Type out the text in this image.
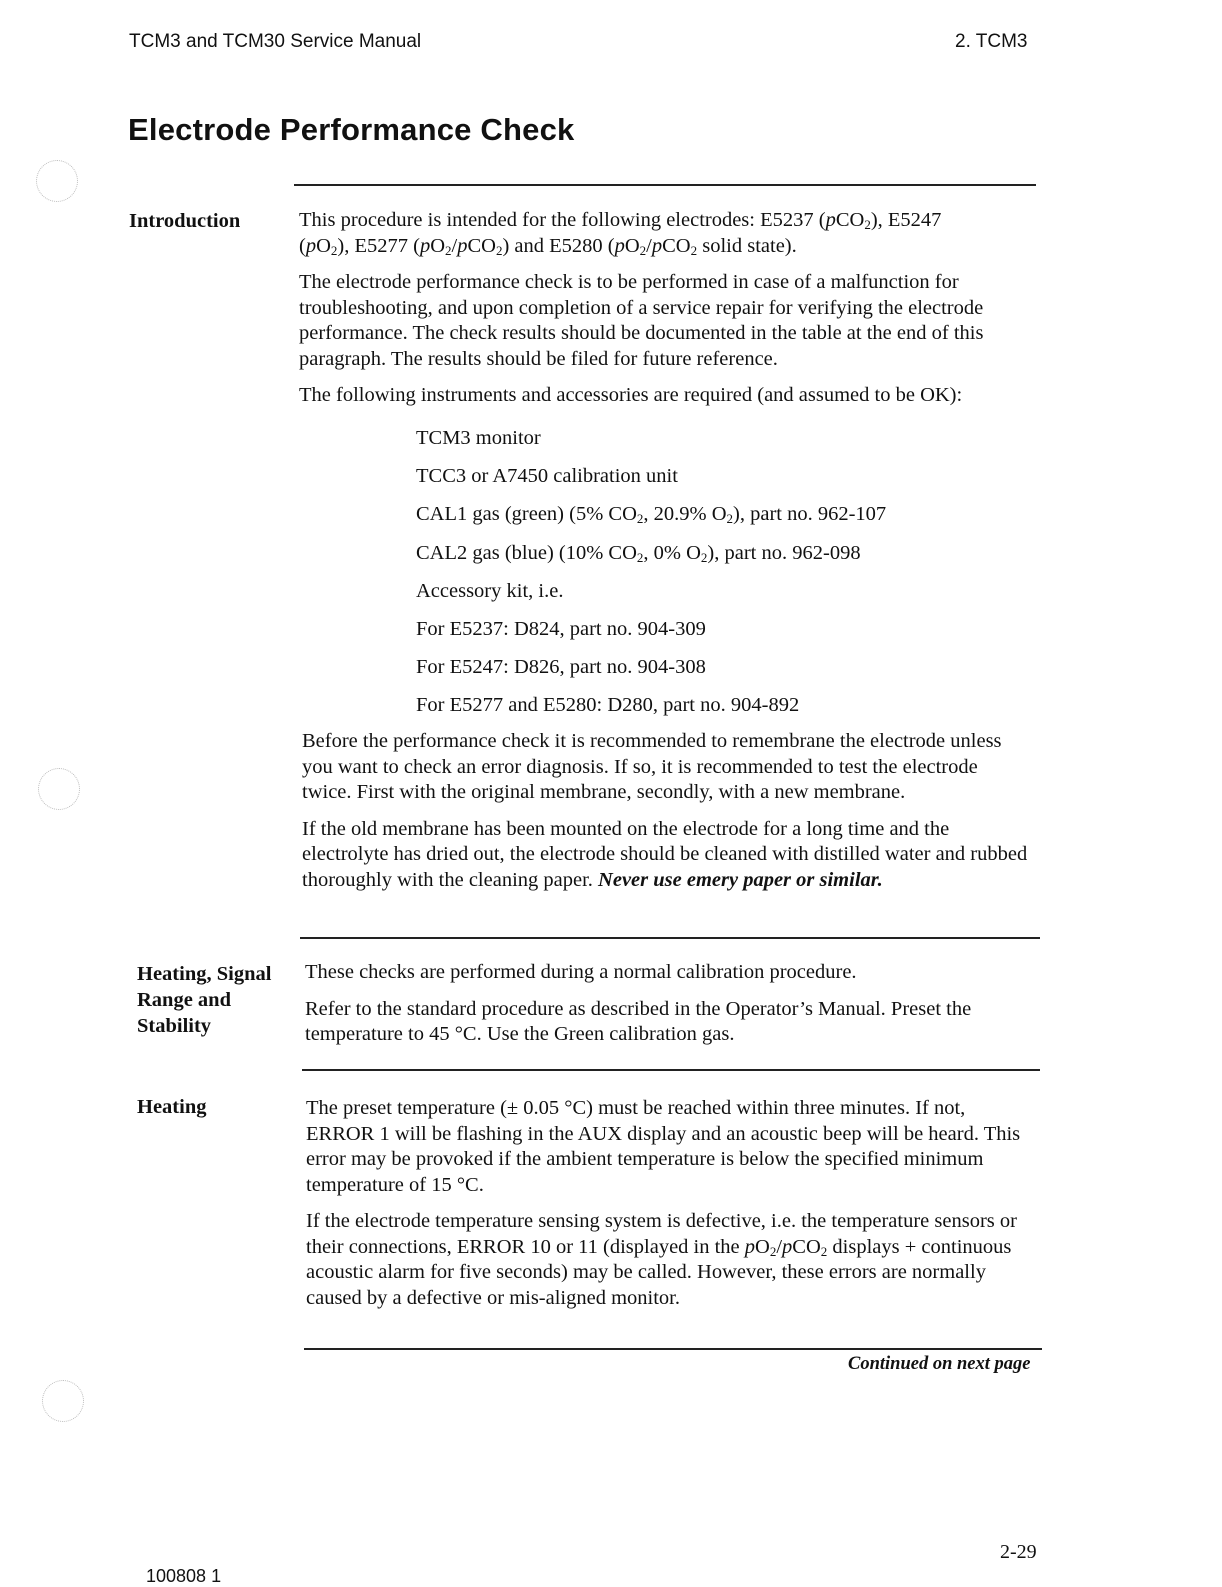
TCM3 and TCM30 Service Manual	2. TCM3
Electrode Performance Check
Introduction	This procedure is intended for the following electrodes: E5237 (pCO$_2$), E5247
$(pO_2)$, E5277 $(pO_2/pCO_2)$ and E5280 ($pO_2/pCO_2$ solid state).

The electrode performance check is to be performed in case of a malfunction for troubleshooting, and upon completion of a service repair for verifying the electrode performance. The check results should be documented in the table at the end of this paragraph. The results should be filed for future reference.

The following instruments and accessories are required (and assumed to be OK):

TCM3 monitor
TCC3 or A7450 calibration unit
CAL1 gas (green) (5% $CO_2$, 20.9% $O_2$), part no. 962-107
CAL2 gas (blue) (10% $CO_2$, 0% $O_2$), part no. 962-098
Accessory kit, i.e.
For E5237: D824, part no. 904-309
For E5247: D826, part no. 904-308
For E5277 and E5280: D280, part no. 904-892

Before the performance check it is recommended to remembrane the electrode unless you want to check an error diagnosis. If so, it is recommended to test the electrode twice. First with the original membrane, secondly, with a new membrane.

If the old membrane has been mounted on the electrode for a long time and the electrolyte has dried out, the electrode should be cleaned with distilled water and rubbed thoroughly with the cleaning paper. Never use emery paper or similar.

Heating, Signal
Range and
Stability

These checks are performed during a normal calibration procedure.

Refer to the standard procedure as described in the Operator’s Manual. Preset the temperature to 45 °C. Use the Green calibration gas.

Heating	The preset temperature (± 0.05 °C) must be reached within three minutes. If not, ERROR 1 will be flashing in the AUX display and an acoustic beep will be heard. This error may be provoked if the ambient temperature is below the specified minimum temperature of 15 °C.

If the electrode temperature sensing system is defective, i.e. the temperature sensors or their connections, ERROR 10 or 11 (displayed in the $pO_2/pCO_2$ displays + continuous acoustic alarm for five seconds) may be called. However, these errors are normally caused by a defective or mis-aligned monitor.

Continued on next page
100808 1
2-29
